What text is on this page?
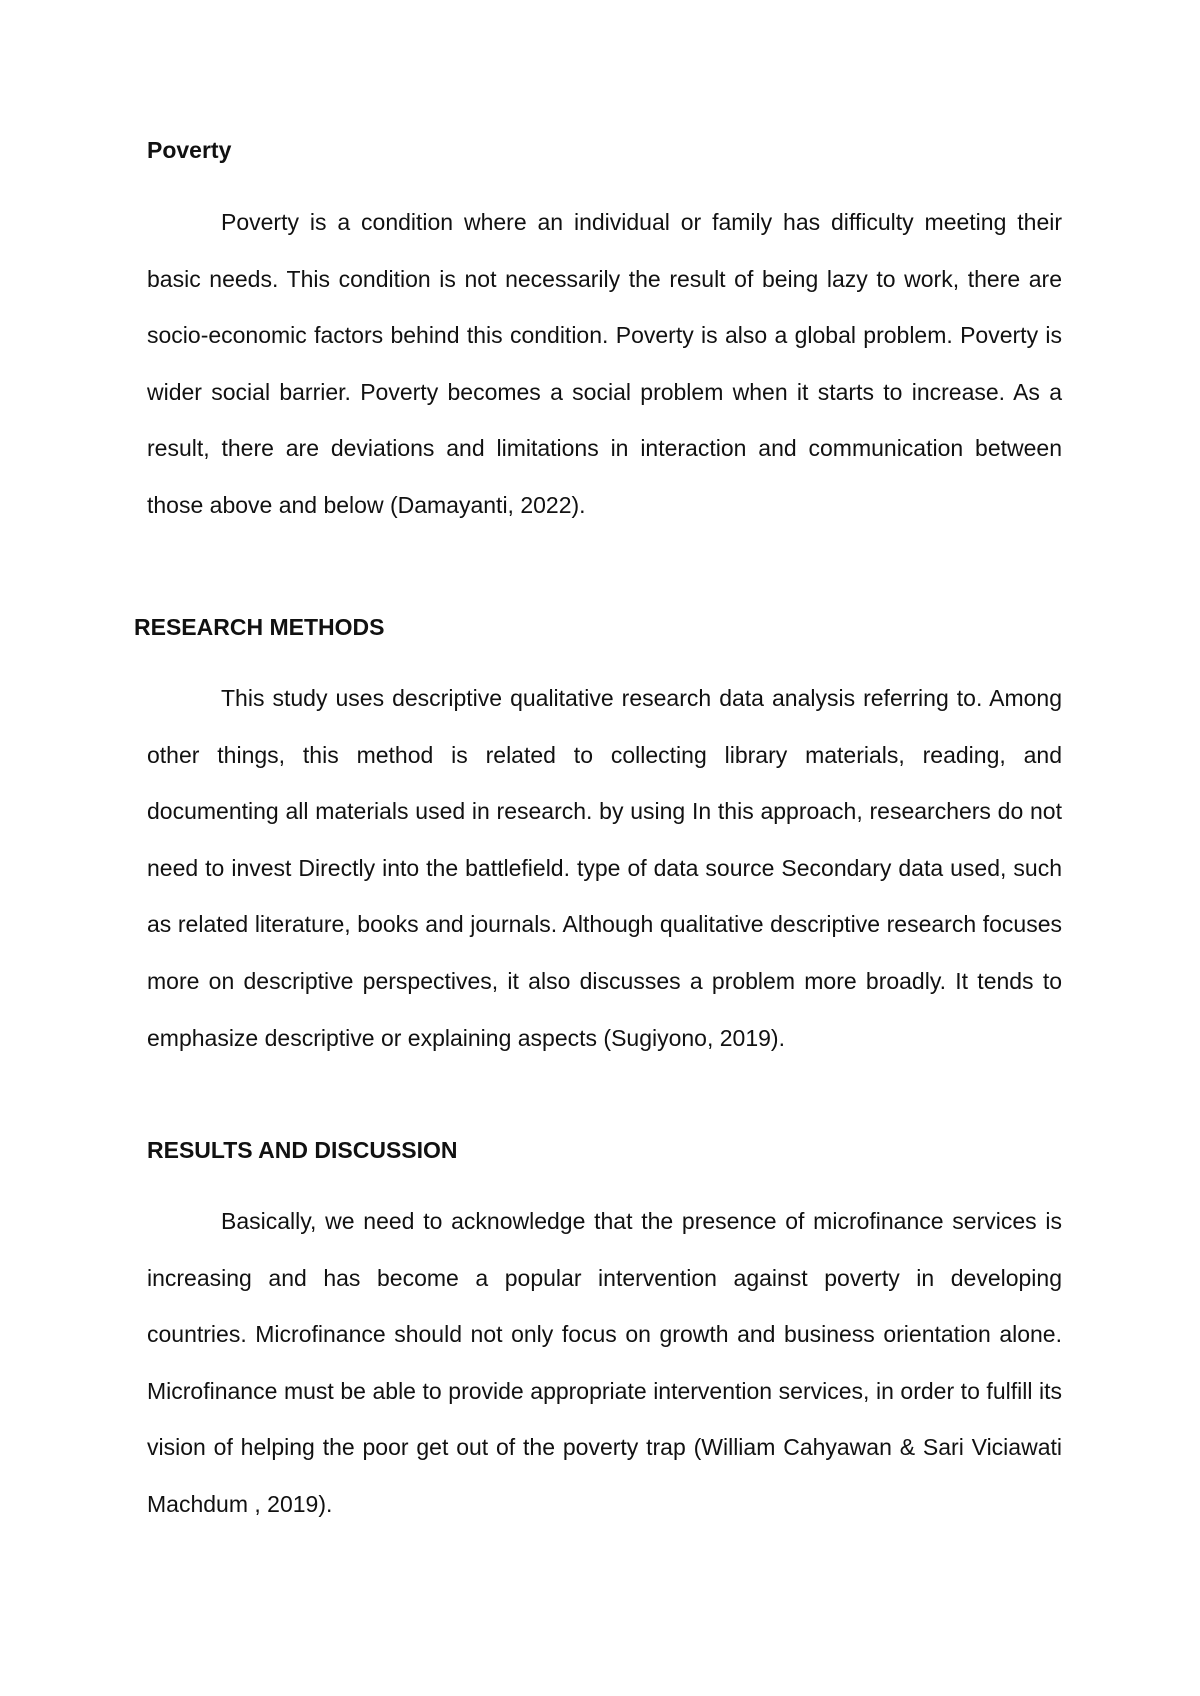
Poverty

Poverty is a condition where an individual or family has difficulty meeting their basic needs. This condition is not necessarily the result of being lazy to work, there are socio-economic factors behind this condition. Poverty is also a global problem. Poverty is wider social barrier. Poverty becomes a social problem when it starts to increase. As a result, there are deviations and limitations in interaction and communication between those above and below (Damayanti, 2022).

RESEARCH METHODS

This study uses descriptive qualitative research data analysis referring to. Among other things, this method is related to collecting library materials, reading, and documenting all materials used in research. by using In this approach, researchers do not need to invest Directly into the battlefield. type of data source Secondary data used, such as related literature, books and journals. Although qualitative descriptive research focuses more on descriptive perspectives, it also discusses a problem more broadly. It tends to emphasize descriptive or explaining aspects (Sugiyono, 2019).

RESULTS AND DISCUSSION

Basically, we need to acknowledge that the presence of microfinance services is increasing and has become a popular intervention against poverty in developing countries. Microfinance should not only focus on growth and business orientation alone. Microfinance must be able to provide appropriate intervention services, in order to fulfill its vision of helping the poor get out of the poverty trap (William Cahyawan & Sari Viciawati Machdum , 2019).
